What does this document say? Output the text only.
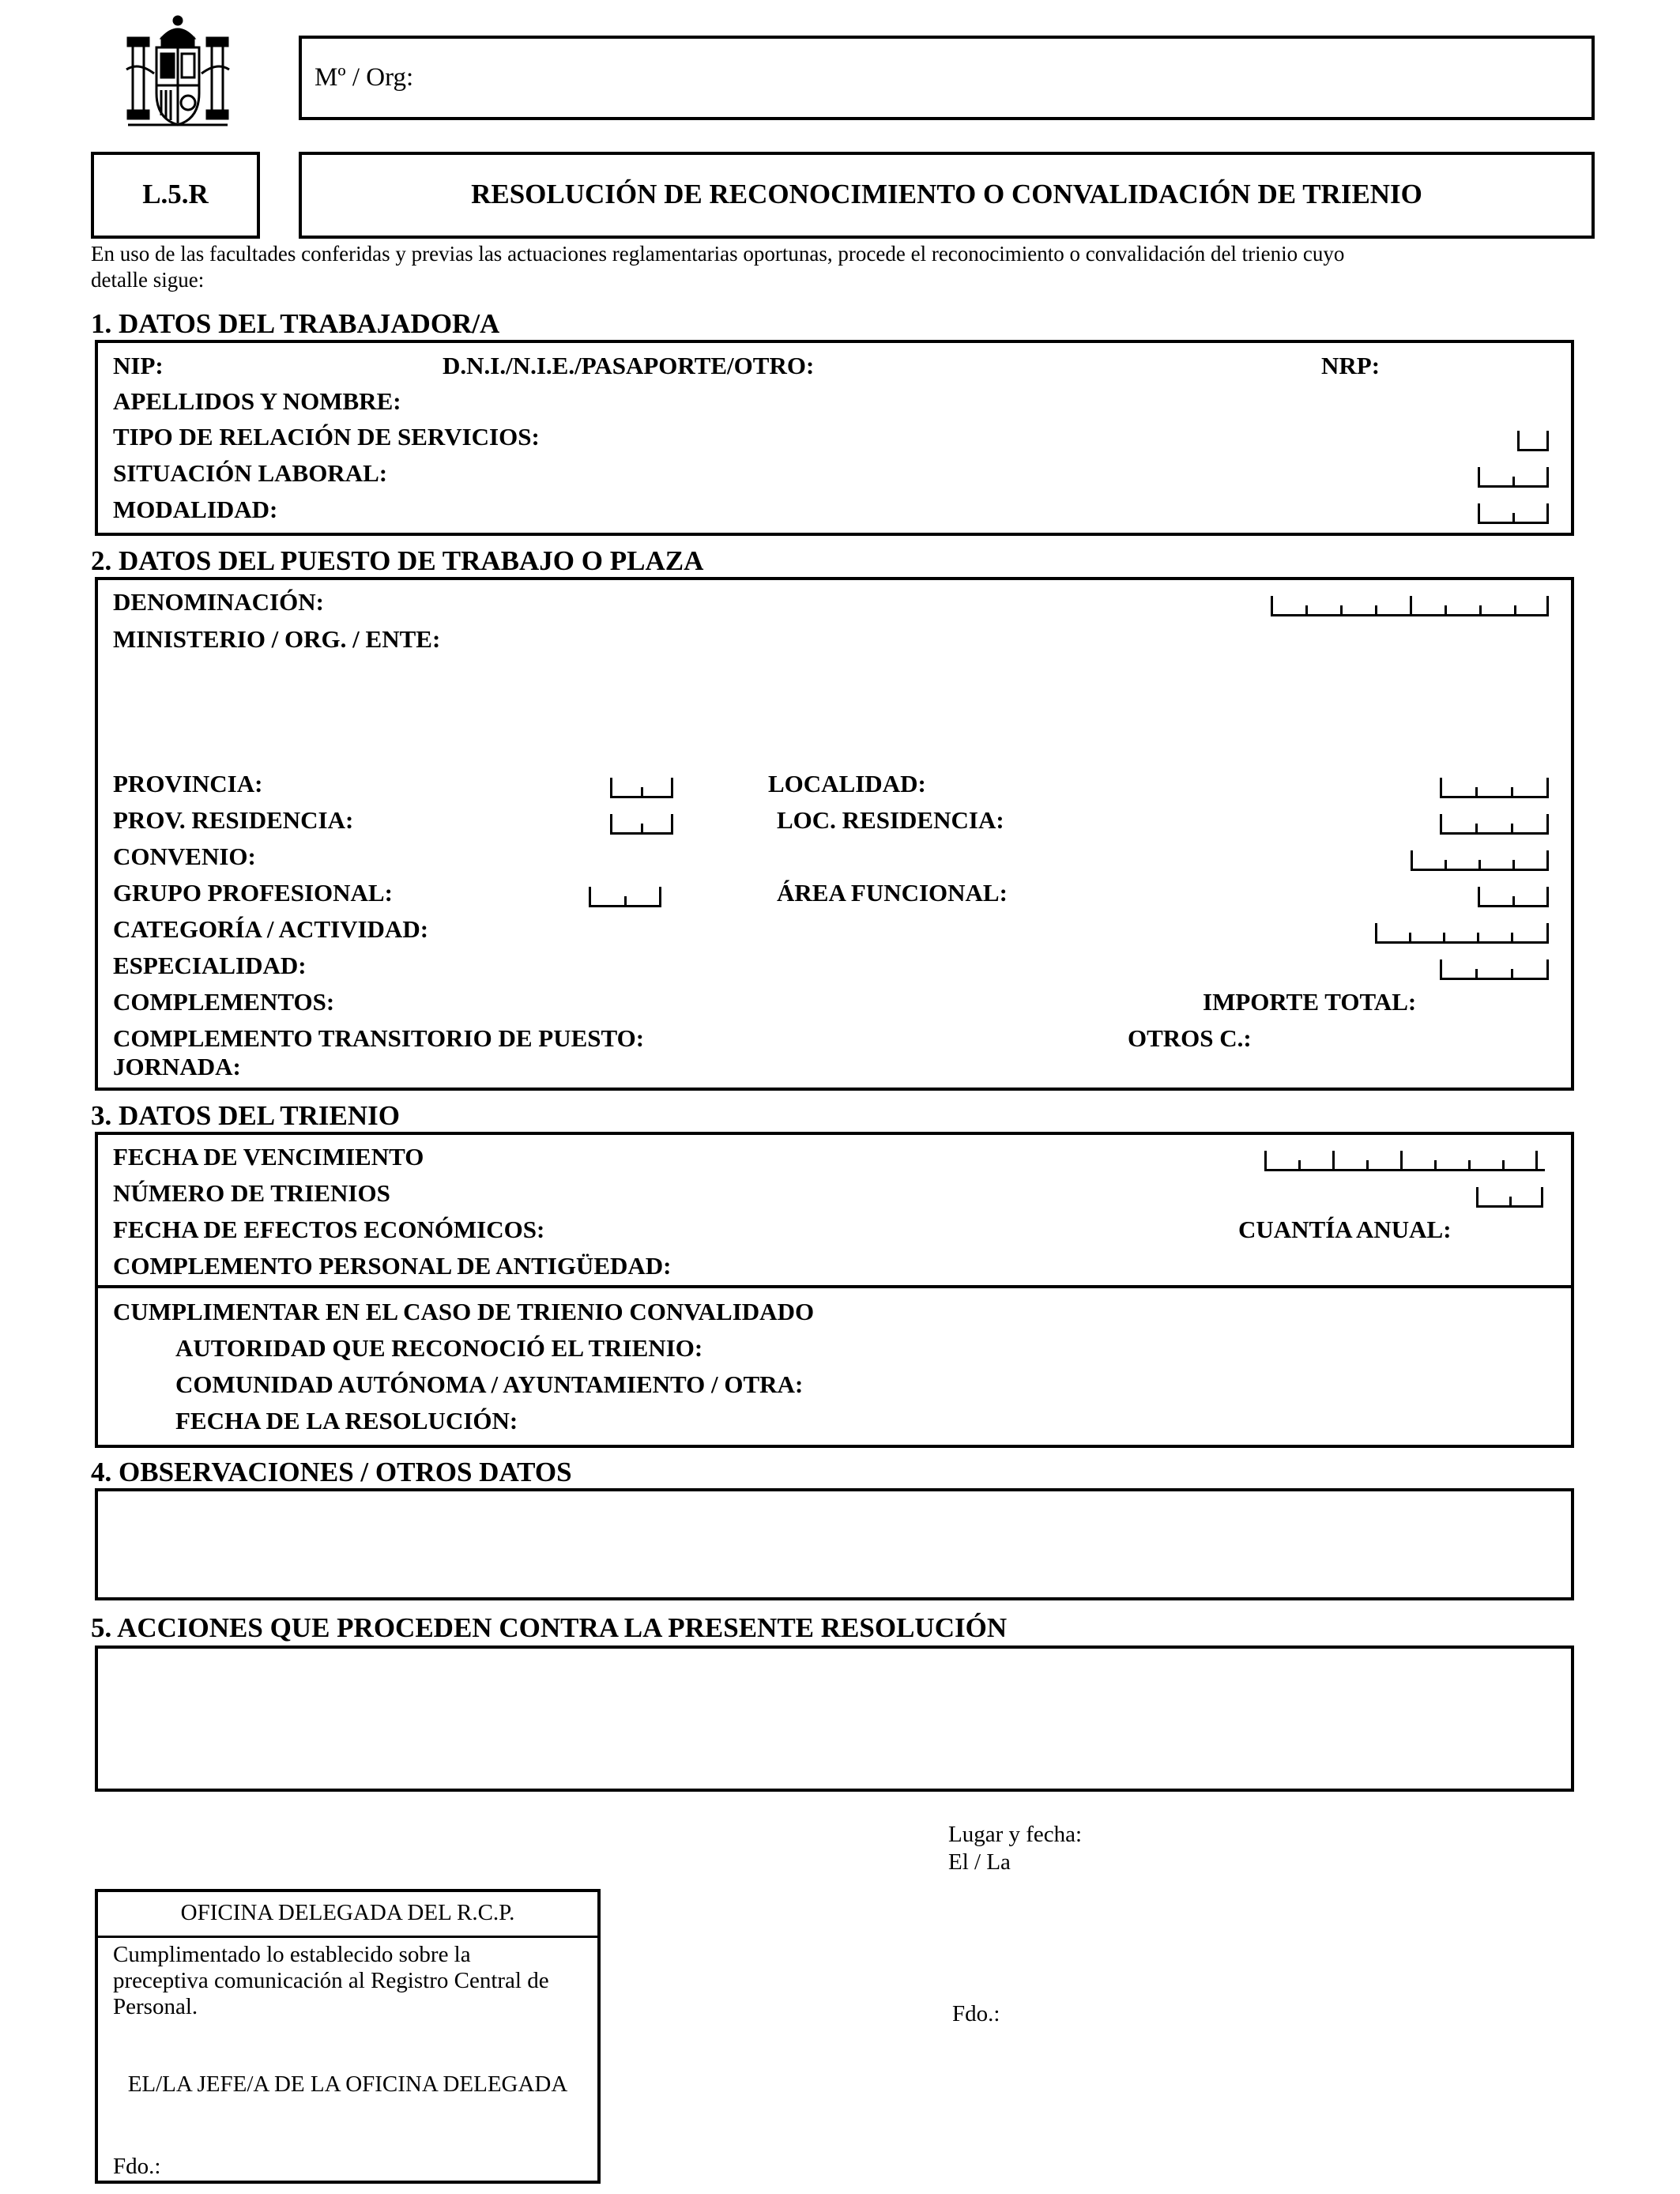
Mº / Org:
L.5.R	RESOLUCIÓN DE RECONOCIMIENTO O CONVALIDACIÓN DE TRIENIO
En uso de las facultades conferidas y previas las actuaciones reglamentarias oportunas, procede el reconocimiento o convalidación del trienio cuyo
detalle sigue:
1. DATOS DEL TRABAJADOR/A
NIP:	D.N.I./N.I.E./PASAPORTE/OTRO:	NRP:
APELLIDOS Y NOMBRE:
TIPO DE RELACIÓN DE SERVICIOS:
SITUACIÓN LABORAL:
MODALIDAD:
2. DATOS DEL PUESTO DE TRABAJO O PLAZA
DENOMINACIÓN:
MINISTERIO / ORG. / ENTE:
PROVINCIA:	LOCALIDAD:
PROV. RESIDENCIA:	LOC. RESIDENCIA:
CONVENIO:
GRUPO PROFESIONAL:	ÁREA FUNCIONAL:
CATEGORÍA / ACTIVIDAD:
ESPECIALIDAD:
COMPLEMENTOS:	IMPORTE TOTAL:
COMPLEMENTO TRANSITORIO DE PUESTO:	OTROS C.:
JORNADA:
3. DATOS DEL TRIENIO
FECHA DE VENCIMIENTO
NÚMERO DE TRIENIOS
FECHA DE EFECTOS ECONÓMICOS:	CUANTÍA ANUAL:
COMPLEMENTO PERSONAL DE ANTIGÜEDAD:
CUMPLIMENTAR EN EL CASO DE TRIENIO CONVALIDADO
AUTORIDAD QUE RECONOCIÓ EL TRIENIO:
COMUNIDAD AUTÓNOMA / AYUNTAMIENTO / OTRA:
FECHA DE LA RESOLUCIÓN:
4. OBSERVACIONES / OTROS DATOS
5. ACCIONES QUE PROCEDEN CONTRA LA PRESENTE RESOLUCIÓN
Lugar y fecha:
El / La
Fdo.:
OFICINA DELEGADA DEL R.C.P.
Cumplimentado lo establecido sobre la
preceptiva comunicación al Registro Central de
Personal.
EL/LA JEFE/A DE LA OFICINA DELEGADA
Fdo.:
